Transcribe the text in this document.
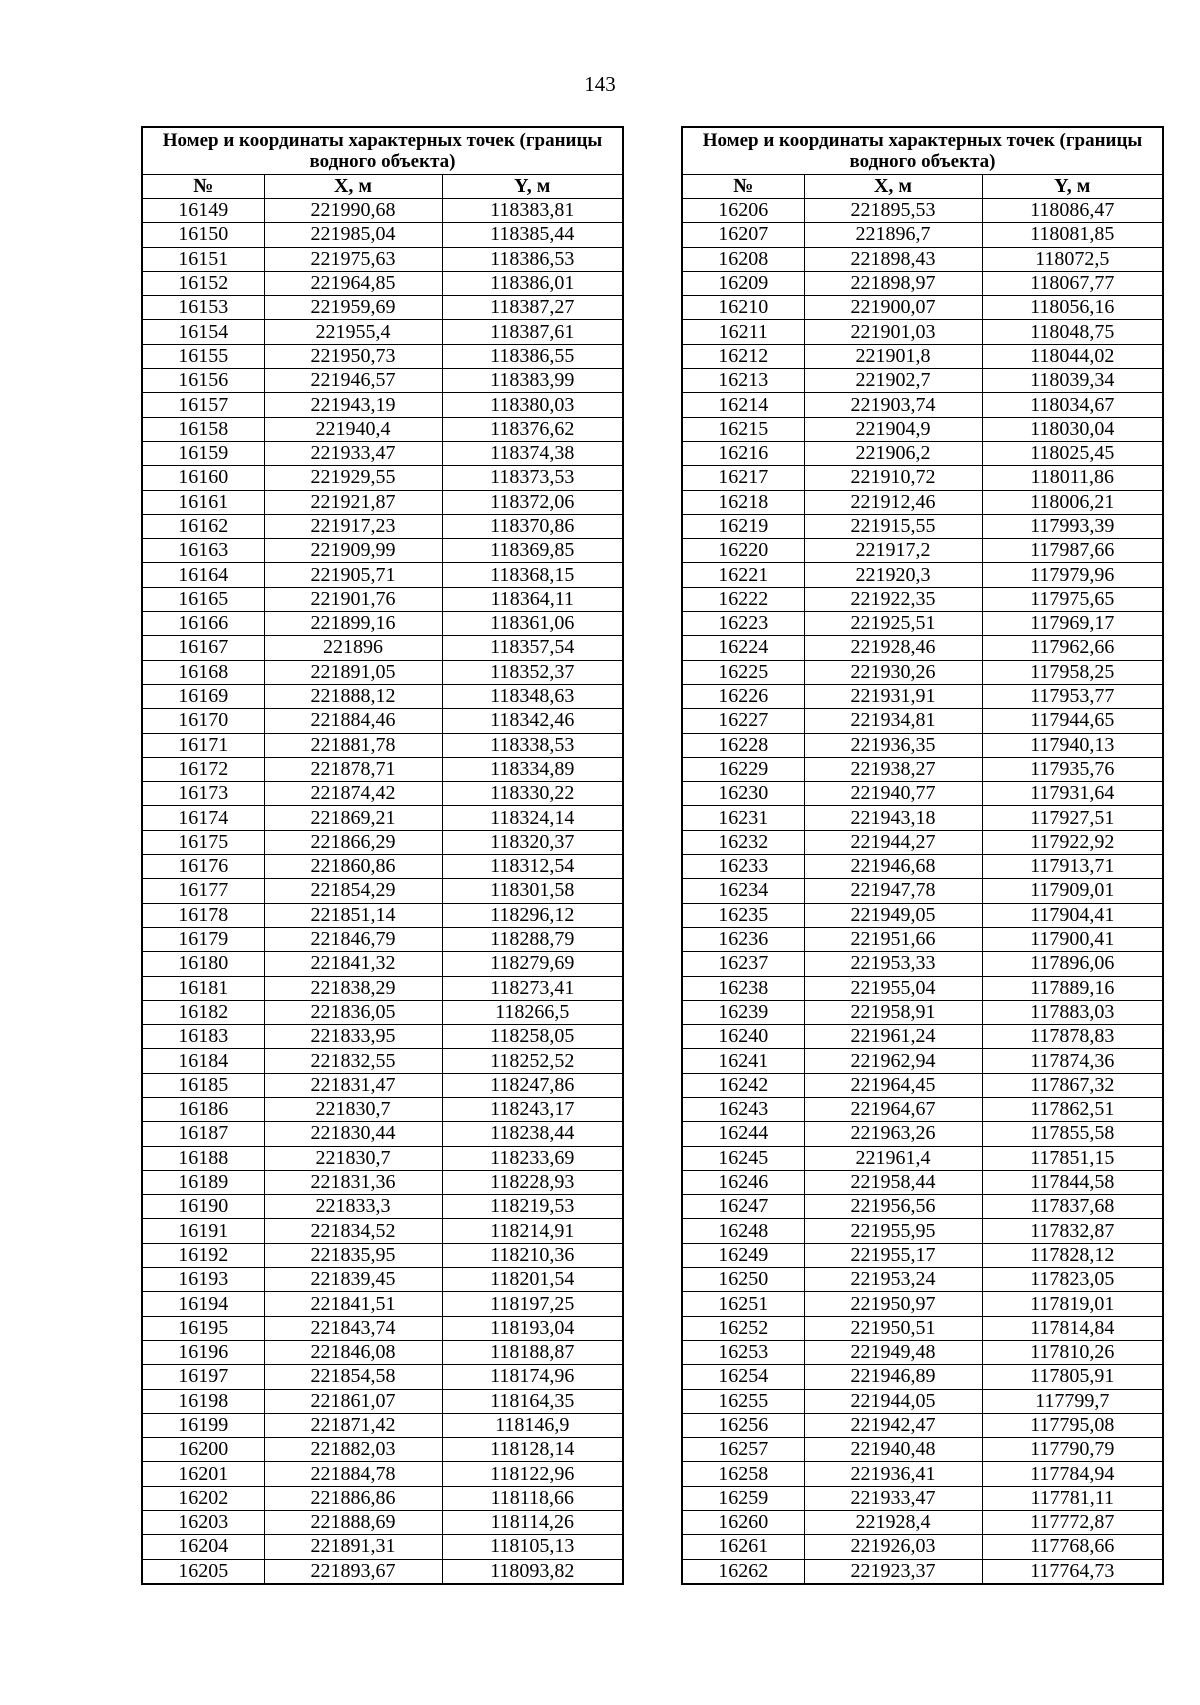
143
Номер и координаты характерных точек (границы водного объекта)		
№	X, м	Y, м
16149	221990,68	118383,81
16150	221985,04	118385,44
16151	221975,63	118386,53
16152	221964,85	118386,01
16153	221959,69	118387,27
16154	221955,4	118387,61
16155	221950,73	118386,55
16156	221946,57	118383,99
16157	221943,19	118380,03
16158	221940,4	118376,62
16159	221933,47	118374,38
16160	221929,55	118373,53
16161	221921,87	118372,06
16162	221917,23	118370,86
16163	221909,99	118369,85
16164	221905,71	118368,15
16165	221901,76	118364,11
16166	221899,16	118361,06
16167	221896	118357,54
16168	221891,05	118352,37
16169	221888,12	118348,63
16170	221884,46	118342,46
16171	221881,78	118338,53
16172	221878,71	118334,89
16173	221874,42	118330,22
16174	221869,21	118324,14
16175	221866,29	118320,37
16176	221860,86	118312,54
16177	221854,29	118301,58
16178	221851,14	118296,12
16179	221846,79	118288,79
16180	221841,32	118279,69
16181	221838,29	118273,41
16182	221836,05	118266,5
16183	221833,95	118258,05
16184	221832,55	118252,52
16185	221831,47	118247,86
16186	221830,7	118243,17
16187	221830,44	118238,44
16188	221830,7	118233,69
16189	221831,36	118228,93
16190	221833,3	118219,53
16191	221834,52	118214,91
16192	221835,95	118210,36
16193	221839,45	118201,54
16194	221841,51	118197,25
16195	221843,74	118193,04
16196	221846,08	118188,87
16197	221854,58	118174,96
16198	221861,07	118164,35
16199	221871,42	118146,9
16200	221882,03	118128,14
16201	221884,78	118122,96
16202	221886,86	118118,66
16203	221888,69	118114,26
16204	221891,31	118105,13
16205	221893,67	118093,82
Номер и координаты характерных точек (границы водного объекта)		
№	X, м	Y, м
16206	221895,53	118086,47
16207	221896,7	118081,85
16208	221898,43	118072,5
16209	221898,97	118067,77
16210	221900,07	118056,16
16211	221901,03	118048,75
16212	221901,8	118044,02
16213	221902,7	118039,34
16214	221903,74	118034,67
16215	221904,9	118030,04
16216	221906,2	118025,45
16217	221910,72	118011,86
16218	221912,46	118006,21
16219	221915,55	117993,39
16220	221917,2	117987,66
16221	221920,3	117979,96
16222	221922,35	117975,65
16223	221925,51	117969,17
16224	221928,46	117962,66
16225	221930,26	117958,25
16226	221931,91	117953,77
16227	221934,81	117944,65
16228	221936,35	117940,13
16229	221938,27	117935,76
16230	221940,77	117931,64
16231	221943,18	117927,51
16232	221944,27	117922,92
16233	221946,68	117913,71
16234	221947,78	117909,01
16235	221949,05	117904,41
16236	221951,66	117900,41
16237	221953,33	117896,06
16238	221955,04	117889,16
16239	221958,91	117883,03
16240	221961,24	117878,83
16241	221962,94	117874,36
16242	221964,45	117867,32
16243	221964,67	117862,51
16244	221963,26	117855,58
16245	221961,4	117851,15
16246	221958,44	117844,58
16247	221956,56	117837,68
16248	221955,95	117832,87
16249	221955,17	117828,12
16250	221953,24	117823,05
16251	221950,97	117819,01
16252	221950,51	117814,84
16253	221949,48	117810,26
16254	221946,89	117805,91
16255	221944,05	117799,7
16256	221942,47	117795,08
16257	221940,48	117790,79
16258	221936,41	117784,94
16259	221933,47	117781,11
16260	221928,4	117772,87
16261	221926,03	117768,66
16262	221923,37	117764,73
